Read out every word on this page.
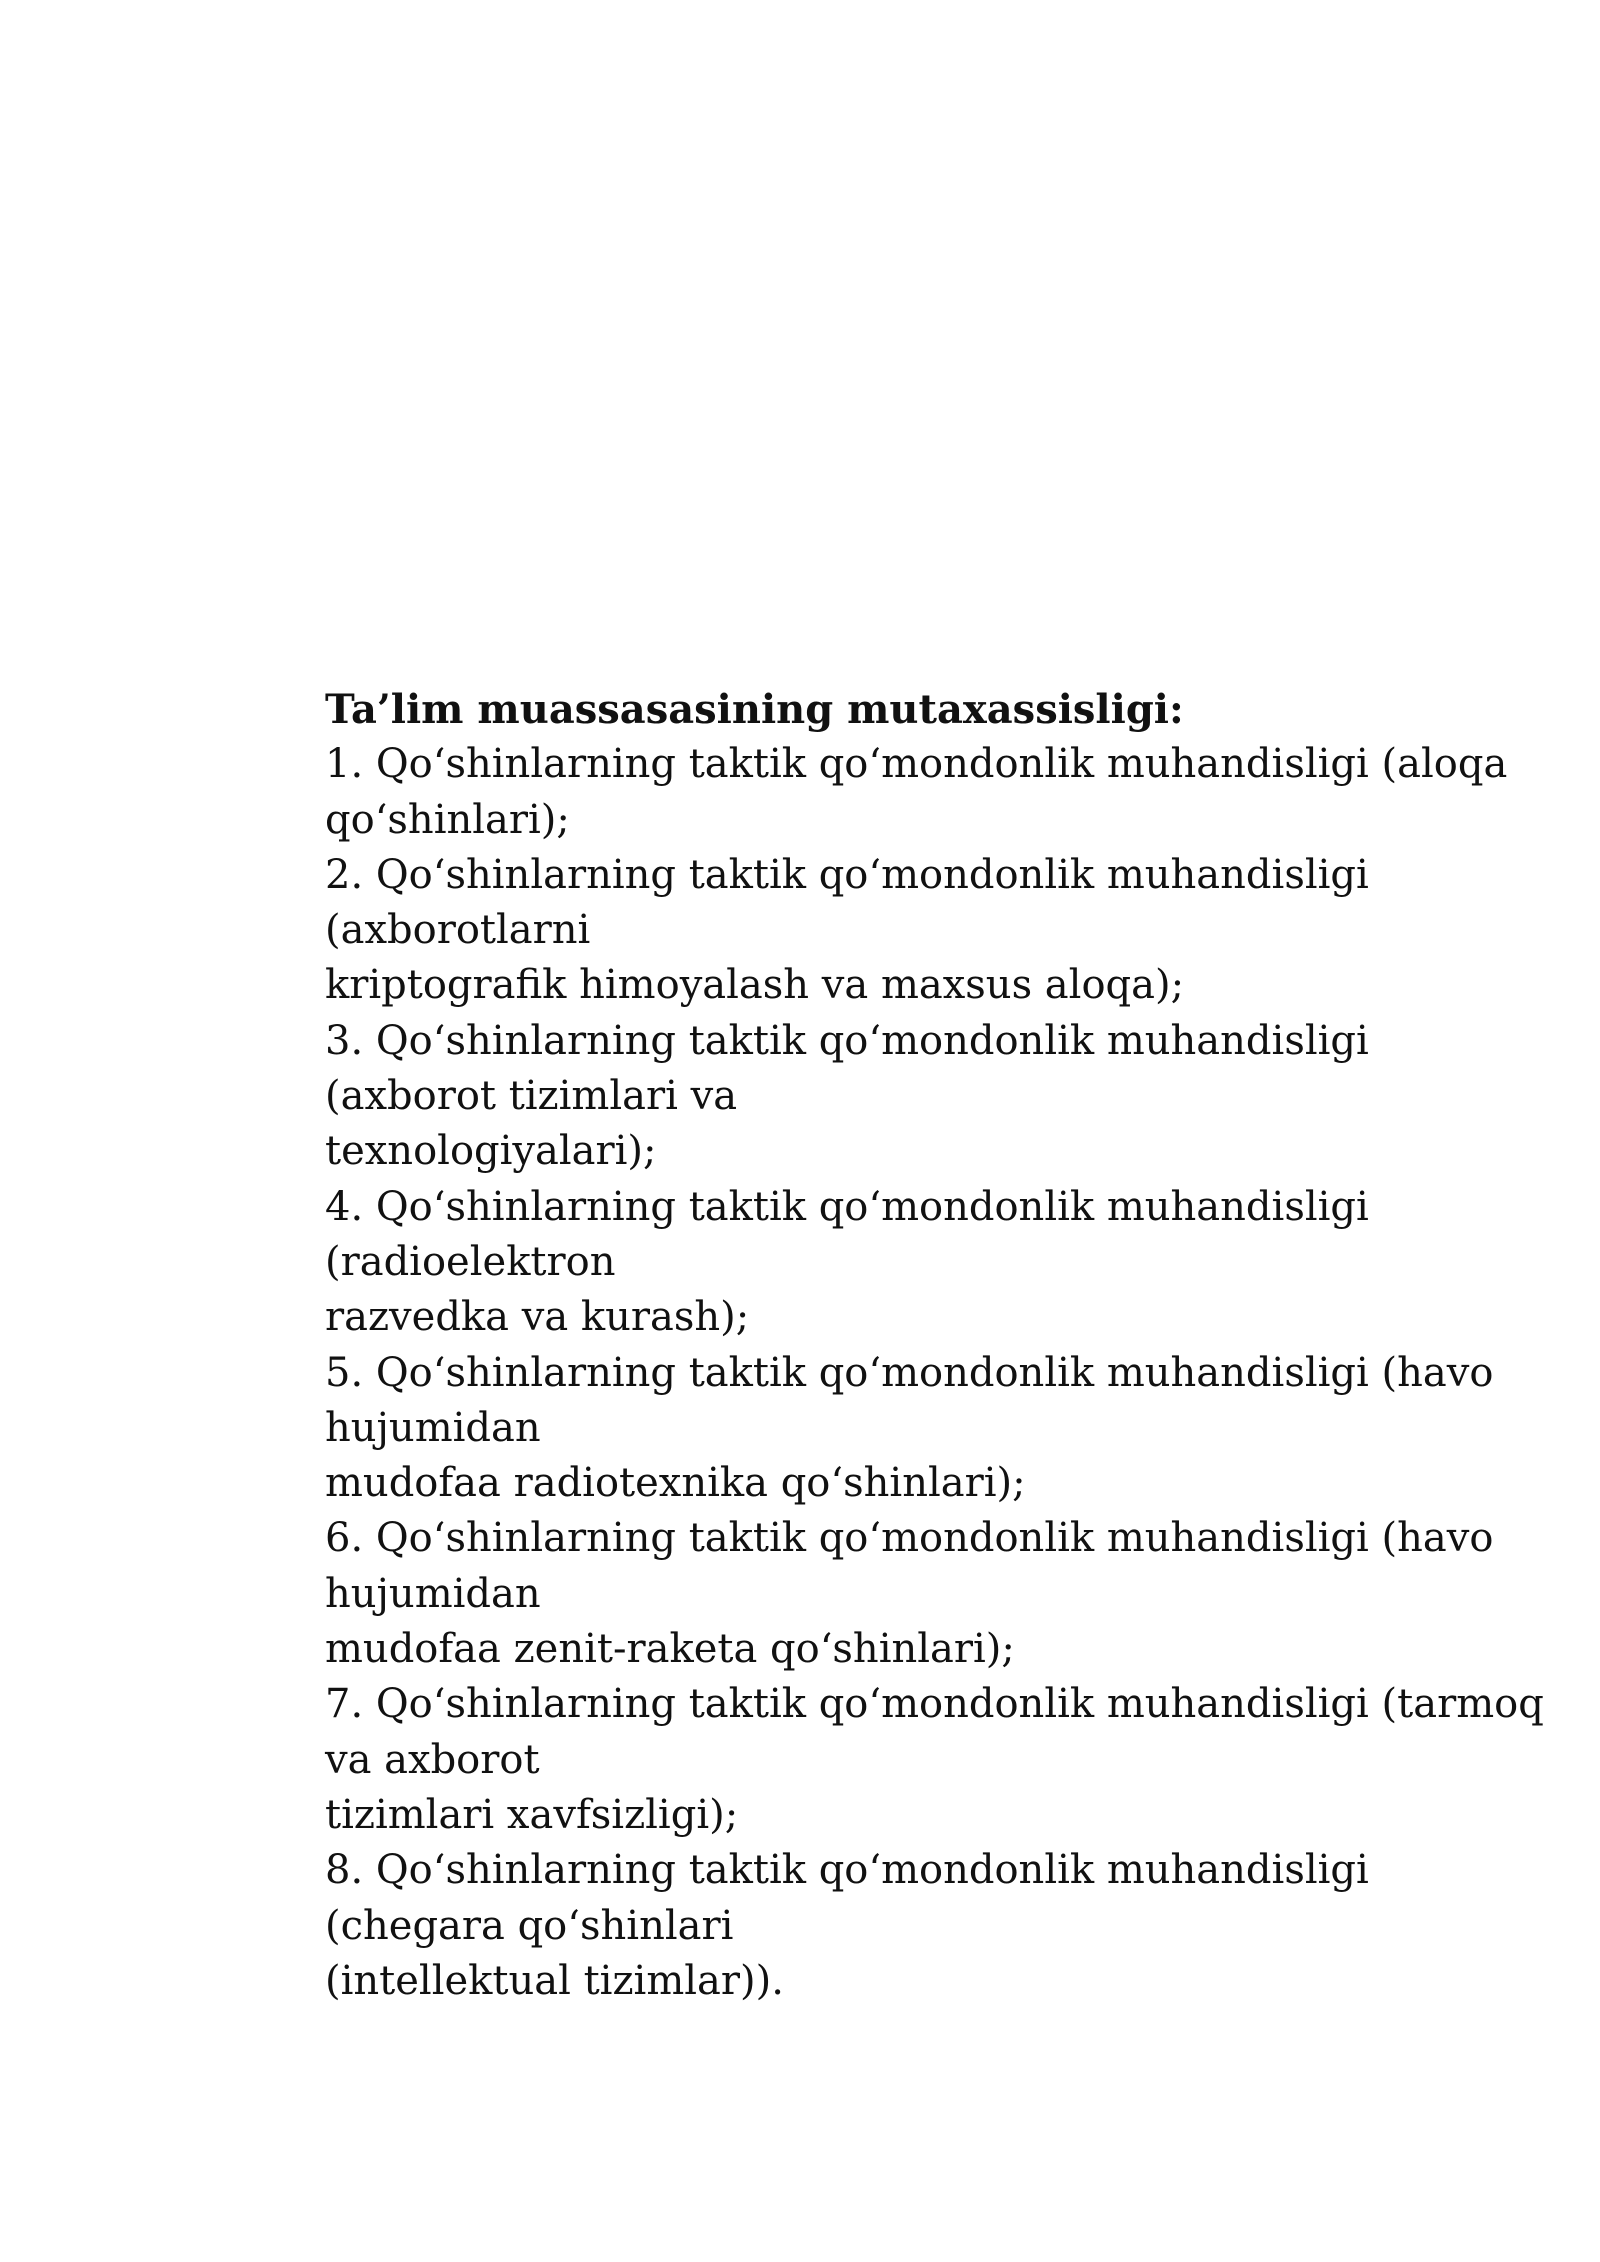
Ta’lim muassasasining mutaxassisligi:
1. Qo‘shinlarning taktik qo‘mondonlik muhandisligi (aloqa
qo‘shinlari);
2. Qo‘shinlarning taktik qo‘mondonlik muhandisligi
(axborotlarni
kriptografik himoyalash va maxsus aloqa);
3. Qo‘shinlarning taktik qo‘mondonlik muhandisligi
(axborot tizimlari va
texnologiyalari);
4. Qo‘shinlarning taktik qo‘mondonlik muhandisligi
(radioelektron
razvedka va kurash);
5. Qo‘shinlarning taktik qo‘mondonlik muhandisligi (havo
hujumidan
mudofaa radiotexnika qo‘shinlari);
6. Qo‘shinlarning taktik qo‘mondonlik muhandisligi (havo
hujumidan
mudofaa zenit-raketa qo‘shinlari);
7. Qo‘shinlarning taktik qo‘mondonlik muhandisligi (tarmoq
va axborot
tizimlari xavfsizligi);
8. Qo‘shinlarning taktik qo‘mondonlik muhandisligi
(chegara qo‘shinlari
(intellektual tizimlar)).
